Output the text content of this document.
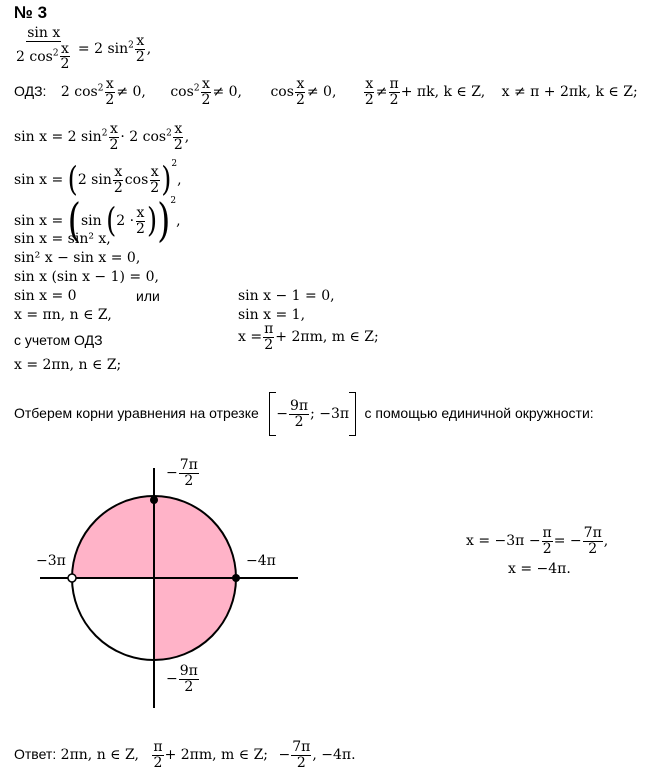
№ 3
$\frac{\text{sin x}}{2 \cos^2 \frac{x}{2}} = 2$ $\sin^2 \frac{x}{2}$ ,
ОДЗ: 2 $\cos^2 \frac{x}{2} \ne 0$, $\cos^2 \frac{x}{2} \ne 0$, $\cos \frac{x}{2} \ne 0$, $\frac{x}{2} \ne \frac{\pi}{2} + \pi k$, k ∈ Z, x ≠ π + 2πk, k ∈ Z;
sin x = 2 $\sin^2 \frac{x}{2} \cdot 2$ $\cos^2 \frac{x}{2}$ ,
sin x = (2 $\sin \frac{x}{2}$ $\cos \frac{x}{2} )^2$,
sin x = (sin $(2 \cdot \frac{x}{2} ))^2$,
sin x = sin² x,
sin² x − sin x = 0,
sin x (sin x − 1) = 0,
sin x = 0	или	sin x − 1 = 0,
x = πn, n ∈ Z,	sin x = 1,
с учетом ОДЗ	$x = \frac{\pi}{2} + 2\pi m$, m ∈ Z;
x = 2πn, n ∈ Z;
Отберем корни уравнения на отрезке − $\frac{9\pi}{2}$ ; −3π с помощью единичной окружности:
− $\frac{7\pi}{2}$
−3π	−4π
− $\frac{9\pi}{2}$
$x = -3\pi - \frac{\pi}{2}$ = − $\frac{7\pi}{2}$ ,
x = −4π.
Ответ: 2πn, n ∈ Z, $\frac{\pi}{2} + 2\pi m$, m ∈ Z; − $\frac{7\pi}{2}$ , −4π.
